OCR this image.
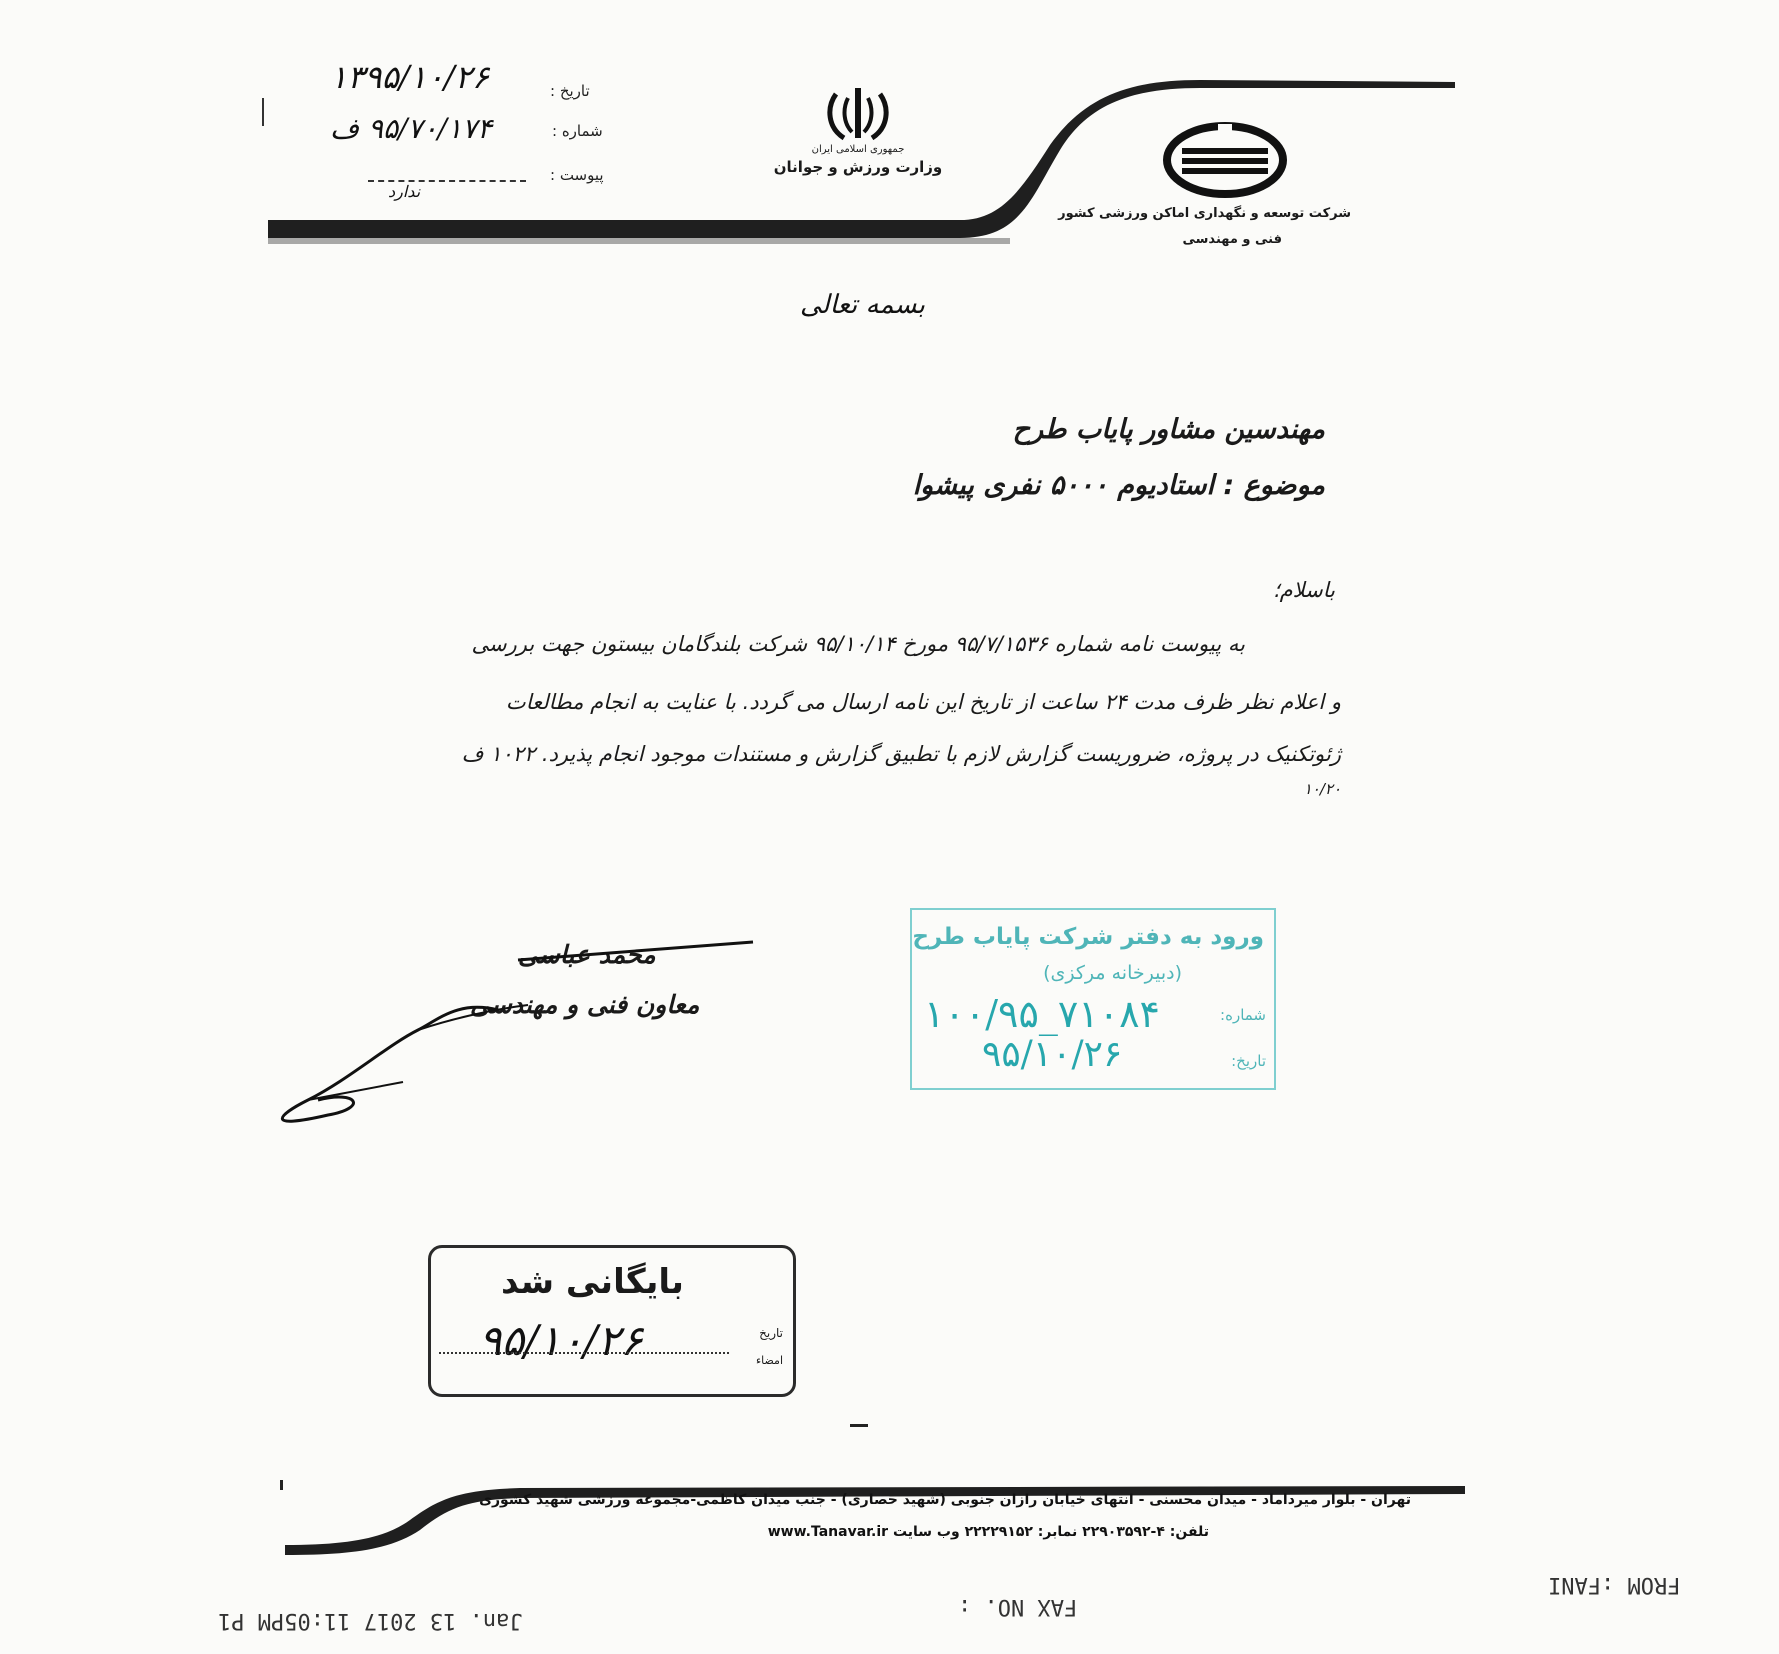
شرکت توسعه و نگهداری اماکن ورزشی کشور
فنی و مهندسی
جمهوری اسلامی ایران
وزارت ورزش و جوانان
تاریخ :
۱۳۹۵/۱۰/۲۶
شماره :
۹۵/۷۰/۱۷۴ ف
پیوست :
ندارد
بسمه تعالی
مهندسین مشاور پایاب طرح
موضوع : استادیوم ۵۰۰۰ نفری پیشوا
باسلام؛
به پیوست نامه شماره ۹۵/۷/۱۵۳۶ مورخ ۹۵/۱۰/۱۴ شرکت بلندگامان بیستون جهت بررسی
و اعلام نظر ظرف مدت ۲۴ ساعت از تاریخ این نامه ارسال می گردد. با عنایت به انجام مطالعات
ژئوتکنیک در پروژه، ضروریست گزارش لازم با تطبیق گزارش و مستندات موجود انجام پذیرد. ۱۰۲۲ ف
۱۰/۲۰
محمد عباسی
معاون فنی و مهندسی
ورود به دفتر شرکت پایاب طرح
(دبیرخانه مرکزی)
شماره:
۱۰۰/۹۵_۷۱۰۸۴
تاریخ:
۹۵/۱۰/۲۶
بایگانی شد
تاریخ
۹۵/۱۰/۲۶	امضاء
تهران - بلوار میرداماد - میدان محسنی - انتهای خیابان رازان جنوبی (شهید حصاری) - جنب میدان کاظمی-مجموعه ورزشی شهید کشوری
تلفن: ۴-۲۲۹۰۳۵۹۲ نمابر: ۲۲۲۲۹۱۵۲ وب سایت www.Tanavar.ir
FROM :FANI
FAX NO. :
Jan. 13 2017 11:05PM P1
